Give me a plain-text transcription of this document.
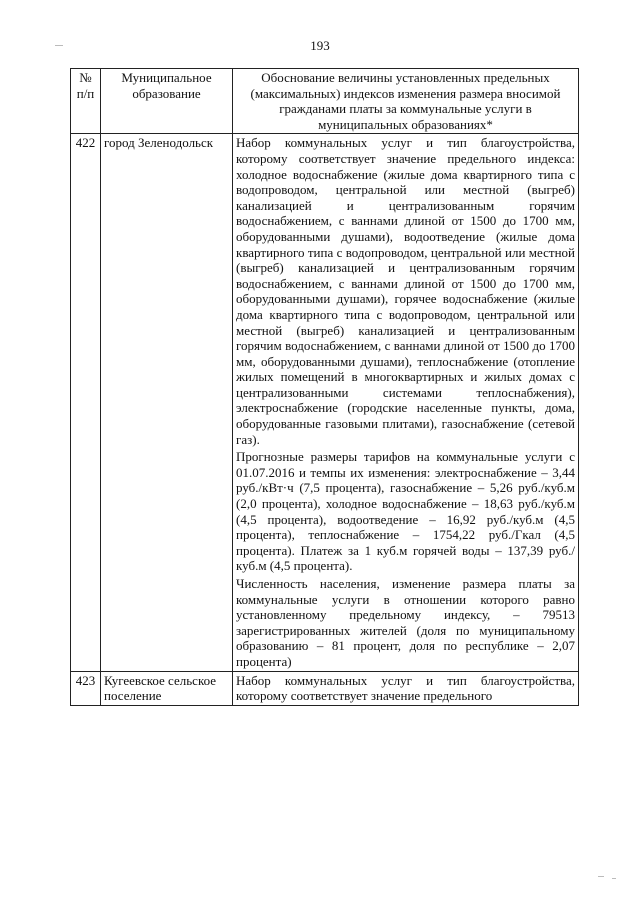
193
№
п/п	Муниципальное образование	Обоснование величины установленных предельных (максимальных) индексов изменения размера вносимой гражданами платы за коммунальные услуги в муниципальных образованиях*
422	город Зеленодольск	Набор коммунальных услуг и тип благоустройства, которому соответствует значение предельного индекса: холодное водоснабжение (жилые дома квартирного типа с водопроводом, центральной или местной (выгреб) канализацией и централизованным горячим водоснабжением, с ваннами длиной от 1500 до 1700 мм, оборудованными душами), водоотведение (жилые дома квартирного типа с водопроводом, центральной или местной (выгреб) канализацией и централизованным горячим водоснабжением, с ваннами длиной от 1500 до 1700 мм, оборудованными душами), горячее водоснабжение (жилые дома квартирного типа с водопроводом, центральной или местной (выгреб) канализацией и централизованным горячим водоснабжением, с ваннами длиной от 1500 до 1700 мм, оборудованными душами), теплоснабжение (отопление жилых помещений в многоквартирных и жилых домах с централизованными системами теплоснабжения), электроснабжение (городские населенные пункты, дома, оборудованные газовыми плитами), газоснабжение (сетевой газ).
Прогнозные размеры тарифов на коммунальные услуги с 01.07.2016 и темпы их изменения: электроснабжение – 3,44 руб./кВт·ч (7,5 процента), газоснабжение – 5,26 руб./куб.м (2,0 процента), холодное водоснабжение – 18,63 руб./куб.м (4,5 процента), водоотведение – 16,92 руб./куб.м (4,5 процента), теплоснабжение – 1754,22 руб./Гкал (4,5 процента). Платеж за 1 куб.м горячей воды – 137,39 руб./куб.м (4,5 процента).
Численность населения, изменение размера платы за коммунальные услуги в отношении которого равно установленному предельному индексу, – 79513 зарегистрированных жителей (доля по муниципальному образованию – 81 процент, доля по республике – 2,07 процента)

423	Кугеевское сельское поселение	Набор коммунальных услуг и тип благоустройства, которому соответствует значение предельного
